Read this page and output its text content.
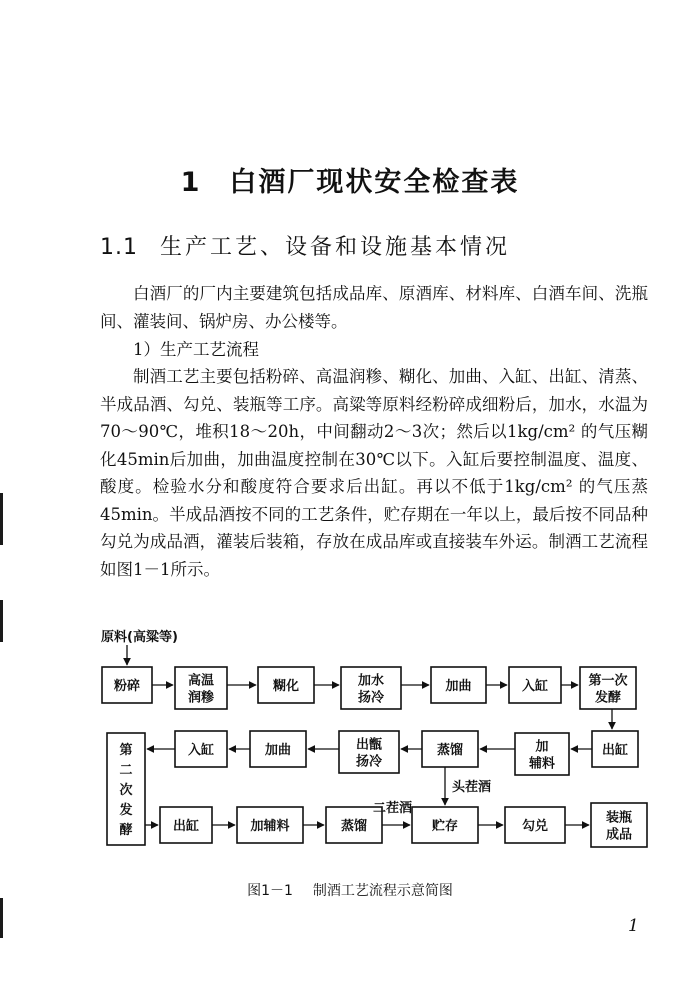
1 白酒厂现状安全检查表
1.1 生产工艺、设备和设施基本情况

白酒厂的厂内主要建筑包括成品库、原酒库、材料库、白酒车间、洗瓶间、灌装间、锅炉房、办公楼等。

1）生产工艺流程

制酒工艺主要包括粉碎、高温润糁、糊化、加曲、入缸、出缸、清蒸、半成品酒、勾兑、装瓶等工序。高粱等原料经粉碎成细粉后，加水，水温为70～90℃，堆积18～20h，中间翻动2～3次；然后以1kg/cm² 的气压糊化45min后加曲，加曲温度控制在30℃以下。入缸后要控制温度、温度、酸度。检验水分和酸度符合要求后出缸。再以不低于1kg/cm² 的气压蒸45min。半成品酒按不同的工艺条件，贮存期在一年以上，最后按不同品种勾兑为成品酒，灌装后装箱，存放在成品库或直接装车外运。制酒工艺流程如图1－1所示。

原料(高粱等)
粉碎	高温
润糁
糊化	加水
扬冷
加曲	入缸	第一次
发酵
出缸
加
辅料
蒸馏
出甑
扬冷
加曲
入缸
第
二
次
发
酵	出缸	加辅料	蒸馏	贮存	勾兑
装瓶
成品
头茬酒
二茬酒
图1－1 制酒工艺流程示意简图
1
